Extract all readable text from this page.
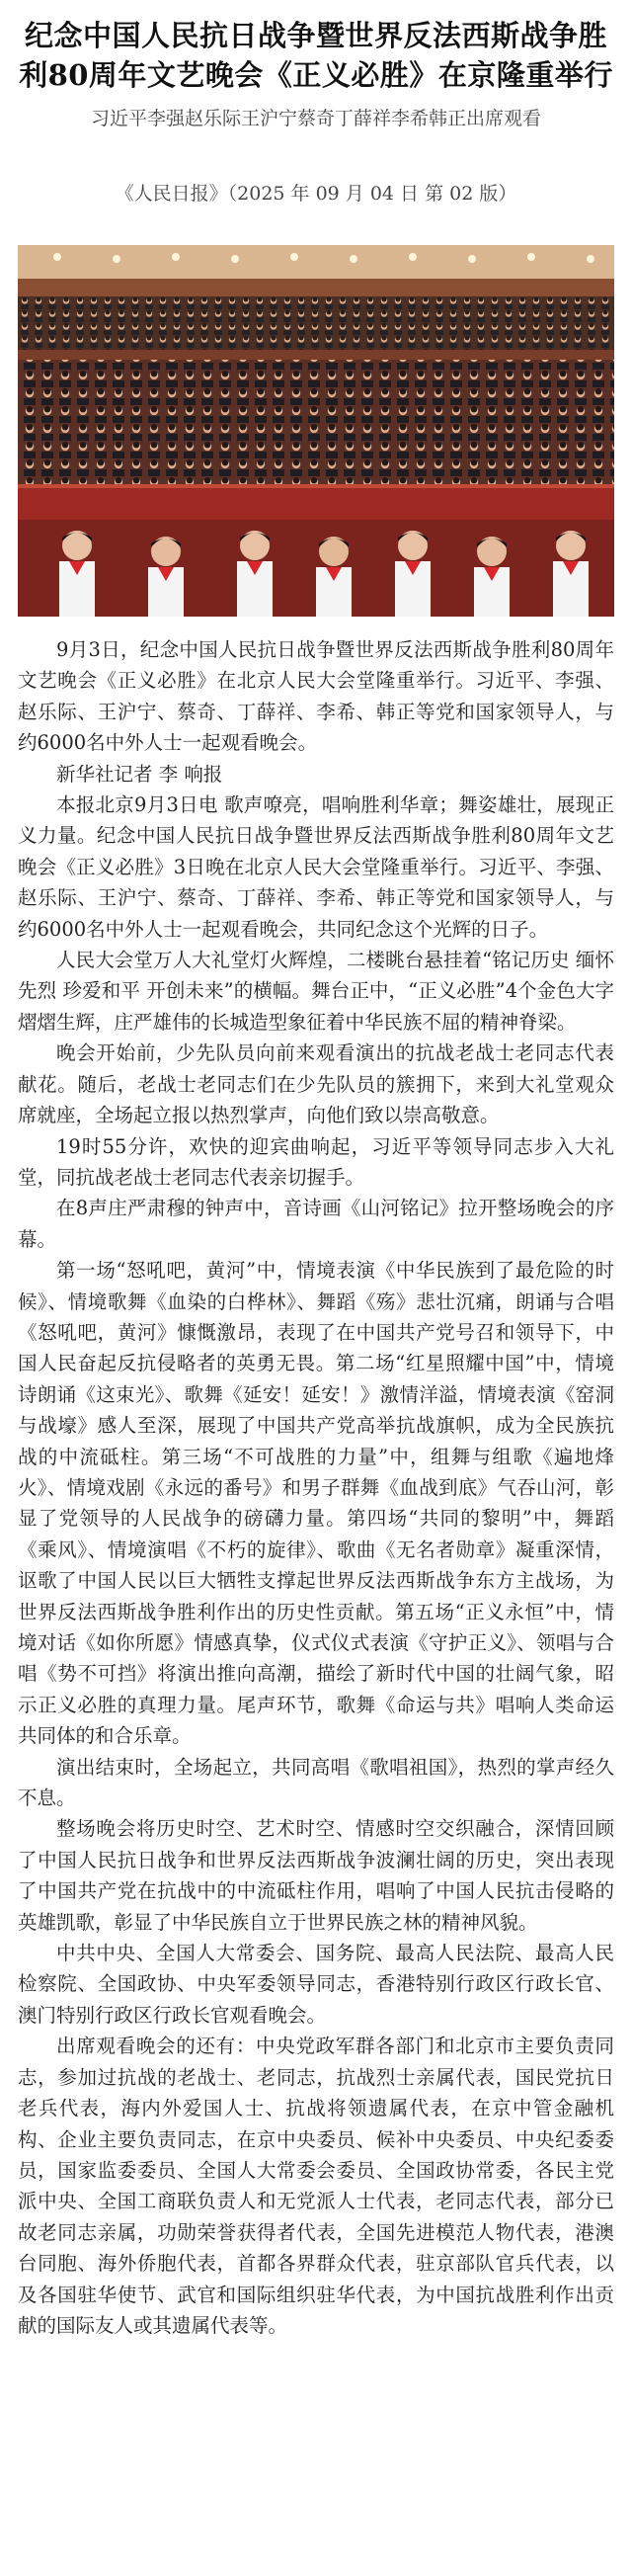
纪念中国人民抗日战争暨世界反法西斯战争胜利80周年文艺晚会《正义必胜》在京隆重举行
习近平李强赵乐际王沪宁蔡奇丁薛祥李希韩正出席观看
《人民日报》（2025 年 09 月 04 日 第 02 版）

9月3日，纪念中国人民抗日战争暨世界反法西斯战争胜利80周年文艺晚会《正义必胜》在北京人民大会堂隆重举行。习近平、李强、赵乐际、王沪宁、蔡奇、丁薛祥、李希、韩正等党和国家领导人，与约6000名中外人士一起观看晚会。

新华社记者 李 响报

本报北京9月3日电 歌声嘹亮，唱响胜利华章；舞姿雄壮，展现正义力量。纪念中国人民抗日战争暨世界反法西斯战争胜利80周年文艺晚会《正义必胜》3日晚在北京人民大会堂隆重举行。习近平、李强、赵乐际、王沪宁、蔡奇、丁薛祥、李希、韩正等党和国家领导人，与约6000名中外人士一起观看晚会，共同纪念这个光辉的日子。

人民大会堂万人大礼堂灯火辉煌，二楼眺台悬挂着“铭记历史 缅怀先烈 珍爱和平 开创未来”的横幅。舞台正中，“正义必胜”4个金色大字熠熠生辉，庄严雄伟的长城造型象征着中华民族不屈的精神脊梁。

晚会开始前，少先队员向前来观看演出的抗战老战士老同志代表献花。随后，老战士老同志们在少先队员的簇拥下，来到大礼堂观众席就座，全场起立报以热烈掌声，向他们致以崇高敬意。

19时55分许，欢快的迎宾曲响起，习近平等领导同志步入大礼堂，同抗战老战士老同志代表亲切握手。

在8声庄严肃穆的钟声中，音诗画《山河铭记》拉开整场晚会的序幕。

第一场“怒吼吧，黄河”中，情境表演《中华民族到了最危险的时候》、情境歌舞《血染的白桦林》、舞蹈《殇》悲壮沉痛，朗诵与合唱《怒吼吧，黄河》慷慨激昂，表现了在中国共产党号召和领导下，中国人民奋起反抗侵略者的英勇无畏。第二场“红星照耀中国”中，情境诗朗诵《这束光》、歌舞《延安！延安！》激情洋溢，情境表演《窑洞与战壕》感人至深，展现了中国共产党高举抗战旗帜，成为全民族抗战的中流砥柱。第三场“不可战胜的力量”中，组舞与组歌《遍地烽火》、情境戏剧《永远的番号》和男子群舞《血战到底》气吞山河，彰显了党领导的人民战争的磅礴力量。第四场“共同的黎明”中，舞蹈《乘风》、情境演唱《不朽的旋律》、歌曲《无名者勋章》凝重深情，讴歌了中国人民以巨大牺牲支撑起世界反法西斯战争东方主战场，为世界反法西斯战争胜利作出的历史性贡献。第五场“正义永恒”中，情境对话《如你所愿》情感真挚，仪式仪式表演《守护正义》、领唱与合唱《势不可挡》将演出推向高潮，描绘了新时代中国的壮阔气象，昭示正义必胜的真理力量。尾声环节，歌舞《命运与共》唱响人类命运共同体的和合乐章。

演出结束时，全场起立，共同高唱《歌唱祖国》，热烈的掌声经久不息。

整场晚会将历史时空、艺术时空、情感时空交织融合，深情回顾了中国人民抗日战争和世界反法西斯战争波澜壮阔的历史，突出表现了中国共产党在抗战中的中流砥柱作用，唱响了中国人民抗击侵略的英雄凯歌，彰显了中华民族自立于世界民族之林的精神风貌。

中共中央、全国人大常委会、国务院、最高人民法院、最高人民检察院、全国政协、中央军委领导同志，香港特别行政区行政长官、澳门特别行政区行政长官观看晚会。

出席观看晚会的还有：中央党政军群各部门和北京市主要负责同志，参加过抗战的老战士、老同志，抗战烈士亲属代表，国民党抗日老兵代表，海内外爱国人士、抗战将领遗属代表，在京中管金融机构、企业主要负责同志，在京中央委员、候补中央委员、中央纪委委员，国家监委委员、全国人大常委会委员、全国政协常委，各民主党派中央、全国工商联负责人和无党派人士代表，老同志代表，部分已故老同志亲属，功勋荣誉获得者代表，全国先进模范人物代表，港澳台同胞、海外侨胞代表，首都各界群众代表，驻京部队官兵代表，以及各国驻华使节、武官和国际组织驻华代表，为中国抗战胜利作出贡献的国际友人或其遗属代表等。
